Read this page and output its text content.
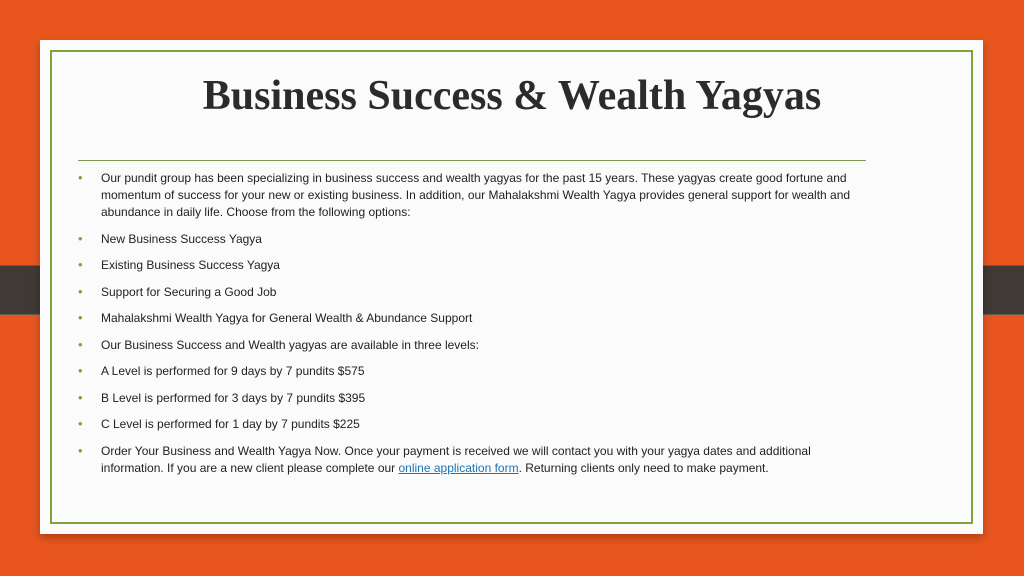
Business Success & Wealth Yagyas
• Our pundit group has been specializing in business success and wealth yagyas for the past 15 years. These yagyas create good fortune and momentum of success for your new or existing business. In addition, our Mahalakshmi Wealth Yagya provides general support for wealth and abundance in daily life. Choose from the following options:
• New Business Success Yagya
• Existing Business Success Yagya
• Support for Securing a Good Job
• Mahalakshmi Wealth Yagya for General Wealth & Abundance Support
• Our Business Success and Wealth yagyas are available in three levels:
• A Level is performed for 9 days by 7 pundits $575
• B Level is performed for 3 days by 7 pundits $395
• C Level is performed for 1 day by 7 pundits $225
• Order Your Business and Wealth Yagya Now. Once your payment is received we will contact you with your yagya dates and additional information. If you are a new client please complete our online application form. Returning clients only need to make payment.
